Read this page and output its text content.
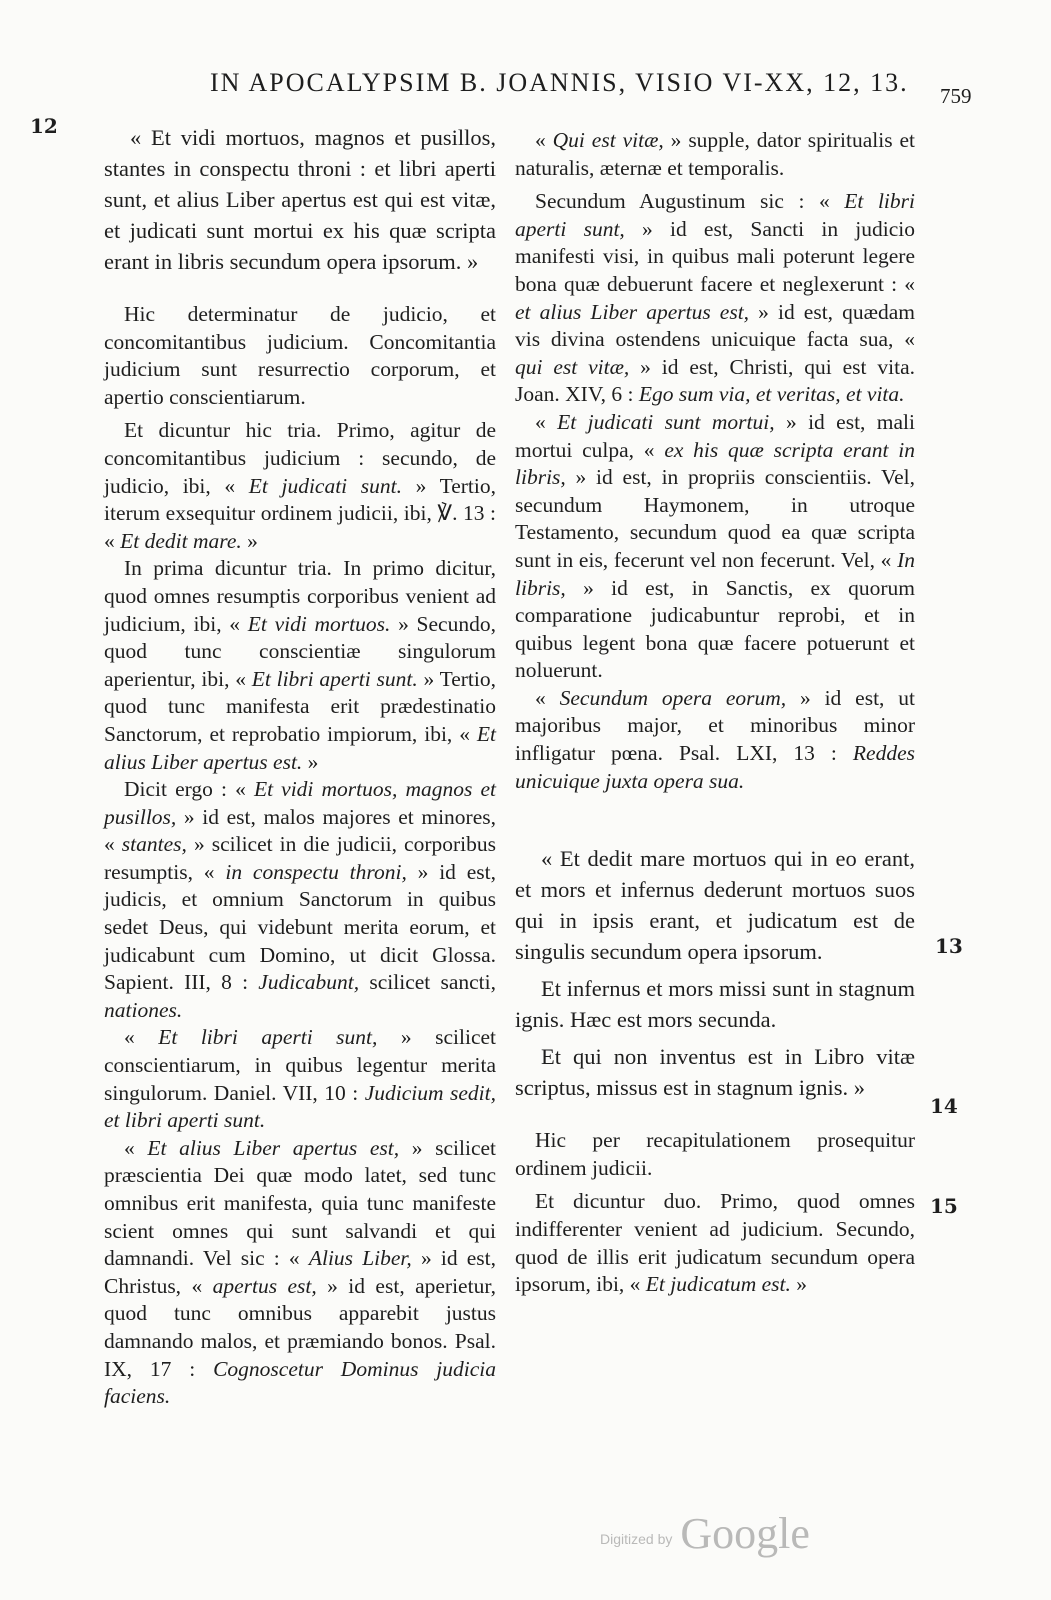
IN APOCALYPSIM B. JOANNIS, VISIO VI-XX, 12, 13. 759
12
13
14
15

« Et vidi mortuos, magnos et pusillos, stantes in conspectu throni : et libri aperti sunt, et alius Liber apertus est qui est vitæ, et judicati sunt mortui ex his quæ scripta erant in libris secundum opera ipsorum. »

Hic determinatur de judicio, et concomitantibus judicium. Concomitantia judicium sunt resurrectio corporum, et apertio conscientiarum.

Et dicuntur hic tria. Primo, agitur de concomitantibus judicium : secundo, de judicio, ibi, « Et judicati sunt. » Tertio, iterum exsequitur ordinem judicii, ibi, ℣. 13 : « Et dedit mare. »

In prima dicuntur tria. In primo dicitur, quod omnes resumptis corporibus venient ad judicium, ibi, « Et vidi mortuos. » Secundo, quod tunc conscientiæ singulorum aperientur, ibi, « Et libri aperti sunt. » Tertio, quod tunc manifesta erit prædestinatio Sanctorum, et reprobatio impiorum, ibi, « Et alius Liber apertus est. »

Dicit ergo : « Et vidi mortuos, magnos et pusillos, » id est, malos majores et minores, « stantes, » scilicet in die judicii, corporibus resumptis, « in conspectu throni, » id est, judicis, et omnium Sanctorum in quibus sedet Deus, qui videbunt merita eorum, et judicabunt cum Domino, ut dicit Glossa. Sapient. III, 8 : Judicabunt, scilicet sancti, nationes.

« Et libri aperti sunt, » scilicet conscientiarum, in quibus legentur merita singulorum. Daniel. VII, 10 : Judicium sedit, et libri aperti sunt.

« Et alius Liber apertus est, » scilicet præscientia Dei quæ modo latet, sed tunc omnibus erit manifesta, quia tunc manifeste scient omnes qui sunt salvandi et qui damnandi. Vel sic : « Alius Liber, » id est, Christus, « apertus est, » id est, aperietur, quod tunc omnibus apparebit justus damnando malos, et præmiando bonos. Psal. IX, 17 : Cognoscetur Dominus judicia faciens.

« Qui est vitæ, » supple, dator spiritualis et naturalis, æternæ et temporalis.

Secundum Augustinum sic : « Et libri aperti sunt, » id est, Sancti in judicio manifesti visi, in quibus mali poterunt legere bona quæ debuerunt facere et neglexerunt : « et alius Liber apertus est, » id est, quædam vis divina ostendens unicuique facta sua, « qui est vitæ, » id est, Christi, qui est vita. Joan. XIV, 6 : Ego sum via, et veritas, et vita.

« Et judicati sunt mortui, » id est, mali mortui culpa, « ex his quæ scripta erant in libris, » id est, in propriis conscientiis. Vel, secundum Haymonem, in utroque Testamento, secundum quod ea quæ scripta sunt in eis, fecerunt vel non fecerunt. Vel, « In libris, » id est, in Sanctis, ex quorum comparatione judicabuntur reprobi, et in quibus legent bona quæ facere potuerunt et noluerunt.

« Secundum opera eorum, » id est, ut majoribus major, et minoribus minor infligatur pœna. Psal. LXI, 13 : Reddes unicuique juxta opera sua.

« Et dedit mare mortuos qui in eo erant, et mors et infernus dederunt mortuos suos qui in ipsis erant, et judicatum est de singulis secundum opera ipsorum.

Et infernus et mors missi sunt in stagnum ignis. Hæc est mors secunda.

Et qui non inventus est in Libro vitæ scriptus, missus est in stagnum ignis. »

Hic per recapitulationem prosequitur ordinem judicii.

Et dicuntur duo. Primo, quod omnes indifferenter venient ad judicium. Secundo, quod de illis erit judicatum secundum opera ipsorum, ibi, « Et judicatum est. »

Digitized by Google
